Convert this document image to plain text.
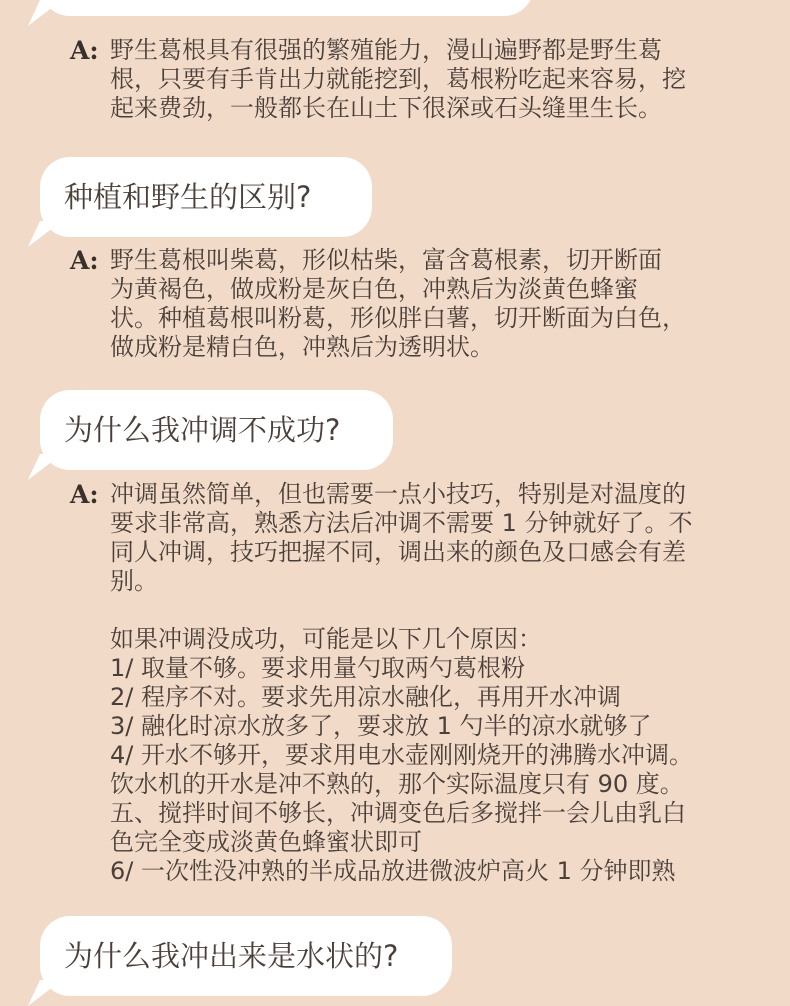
A: 野生葛根具有很强的繁殖能力，漫山遍野都是野生葛

根，只要有手肯出力就能挖到，葛根粉吃起来容易，挖

起来费劲，一般都长在山土下很深或石头缝里生长。

种植和野生的区别?
A: 野生葛根叫柴葛，形似枯柴，富含葛根素，切开断面

为黄褐色，做成粉是灰白色，冲熟后为淡黄色蜂蜜

状。种植葛根叫粉葛，形似胖白薯，切开断面为白色，

做成粉是精白色，冲熟后为透明状。

为什么我冲调不成功?
A: 冲调虽然简单，但也需要一点小技巧，特别是对温度的

要求非常高，熟悉方法后冲调不需要 1 分钟就好了。不

同人冲调，技巧把握不同，调出来的颜色及口感会有差

别。

如果冲调没成功，可能是以下几个原因：

1/ 取量不够。要求用量勺取两勺葛根粉

2/ 程序不对。要求先用凉水融化，再用开水冲调

3/ 融化时凉水放多了，要求放 1 勺半的凉水就够了

4/ 开水不够开，要求用电水壶刚刚烧开的沸腾水冲调。

饮水机的开水是冲不熟的，那个实际温度只有 90 度。

五、搅拌时间不够长，冲调变色后多搅拌一会儿由乳白

色完全变成淡黄色蜂蜜状即可

6/ 一次性没冲熟的半成品放进微波炉高火 1 分钟即熟

为什么我冲出来是水状的?
